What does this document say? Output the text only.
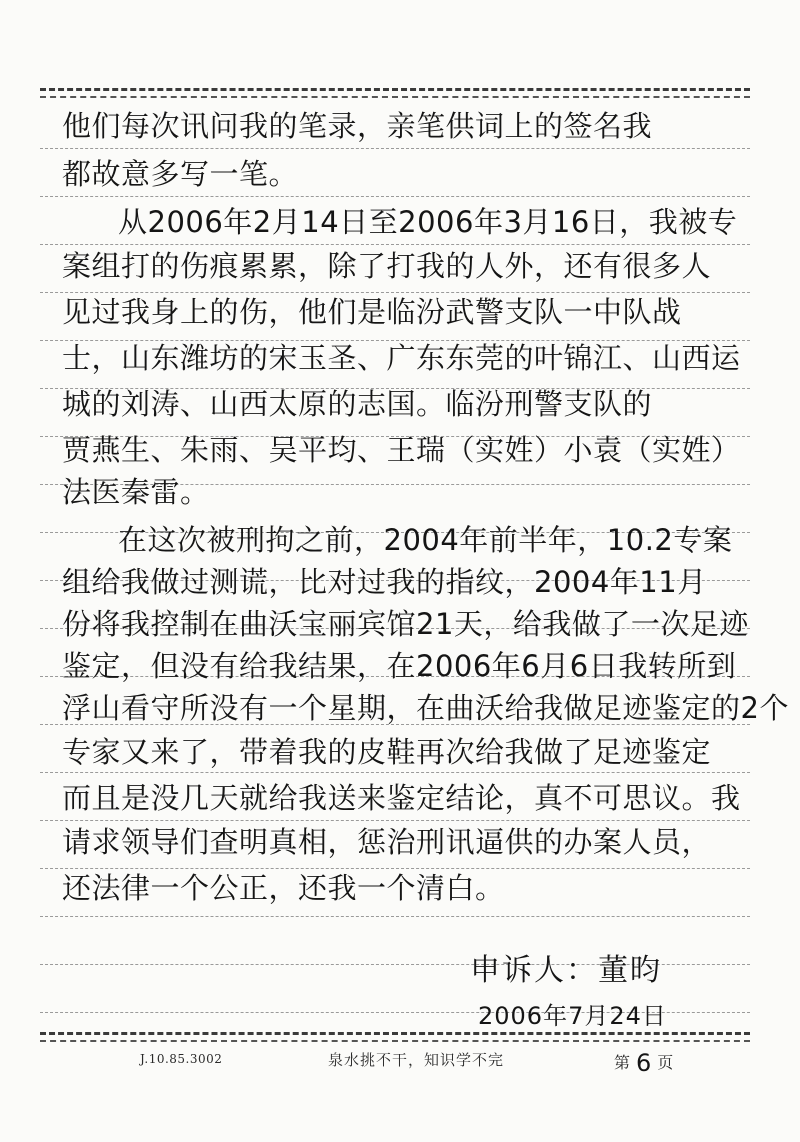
他们每次讯问我的笔录，亲笔供词上的签名我
都故意多写一笔。
从2006年2月14日至2006年3月16日，我被专
案组打的伤痕累累，除了打我的人外，还有很多人
见过我身上的伤，他们是临汾武警支队一中队战
士，山东潍坊的宋玉圣、广东东莞的叶锦江、山西运
城的刘涛、山西太原的志国。临汾刑警支队的
贾燕生、朱雨、吴平均、王瑞（实姓）小袁（实姓）
法医秦雷。
在这次被刑拘之前，2004年前半年，10.2专案
组给我做过测谎，比对过我的指纹，2004年11月
份将我控制在曲沃宝丽宾馆21天，给我做了一次足迹
鉴定，但没有给我结果，在2006年6月6日我转所到
浮山看守所没有一个星期，在曲沃给我做足迹鉴定的2个
专家又来了，带着我的皮鞋再次给我做了足迹鉴定
而且是没几天就给我送来鉴定结论，真不可思议。我
请求领导们查明真相，惩治刑讯逼供的办案人员，
还法律一个公正，还我一个清白。
申诉人：董昀
2006年7月24日
J.10.85.3002	泉水挑不干，知识学不完	第 6 页
